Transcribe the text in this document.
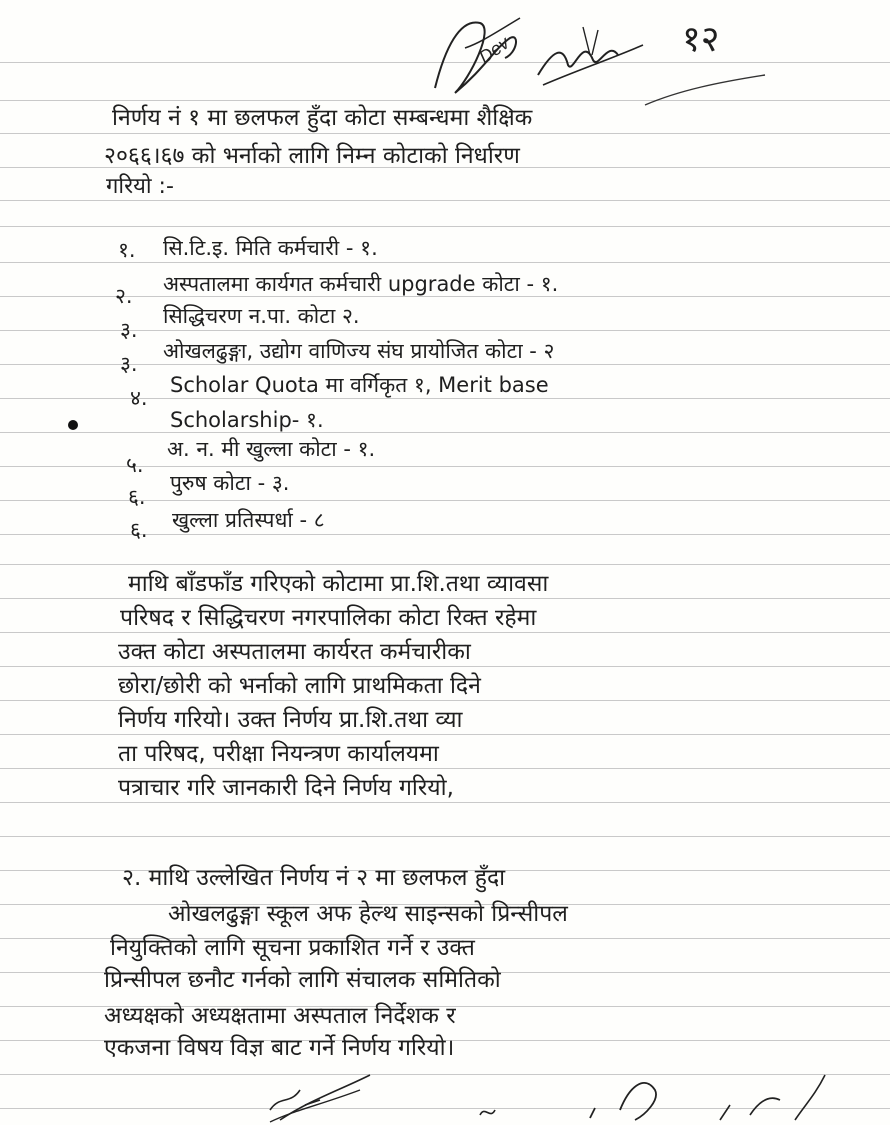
Dev	१२
निर्णय नं १ मा छलफल हुँदा कोटा सम्बन्धमा शैक्षिक
२०६६।६७ को भर्नाको लागि निम्न कोटाको निर्धारण
गरियो :-
१. सि.टि.इ. मिति कर्मचारी - १.
२. अस्पतालमा कार्यगत कर्मचारी upgrade कोटा - १.
३.
सिद्धिचरण न.पा. कोटा २.
३.
ओखलढुङ्गा, उद्योग वाणिज्य संघ प्रायोजित कोटा - २
४.
Scholar Quota मा वर्गिकृत १, Merit base
Scholarship- १.
५.
अ. न. मी खुल्ला कोटा - १.
६.
पुरुष कोटा - ३.
६. खुल्ला प्रतिस्पर्धा - ८
माथि बाँडफाँड गरिएको कोटामा प्रा.शि.तथा व्यावसा
परिषद र सिद्धिचरण नगरपालिका कोटा रिक्त रहेमा
उक्त कोटा अस्पतालमा कार्यरत कर्मचारीका
छोरा/छोरी को भर्नाको लागि प्राथमिकता दिने
निर्णय गरियो। उक्त निर्णय प्रा.शि.तथा व्या
ता परिषद, परीक्षा नियन्त्रण कार्यालयमा
पत्राचार गरि जानकारी दिने निर्णय गरियो,
२. माथि उल्लेखित निर्णय नं २ मा छलफल हुँदा
ओखलढुङ्गा स्कूल अफ हेल्थ साइन्सको प्रिन्सीपल
नियुक्तिको लागि सूचना प्रकाशित गर्ने र उक्त
प्रिन्सीपल छनौट गर्नको लागि संचालक समितिको
अध्यक्षको अध्यक्षतामा अस्पताल निर्देशक र
एकजना विषय विज्ञ बाट गर्ने निर्णय गरियो।
